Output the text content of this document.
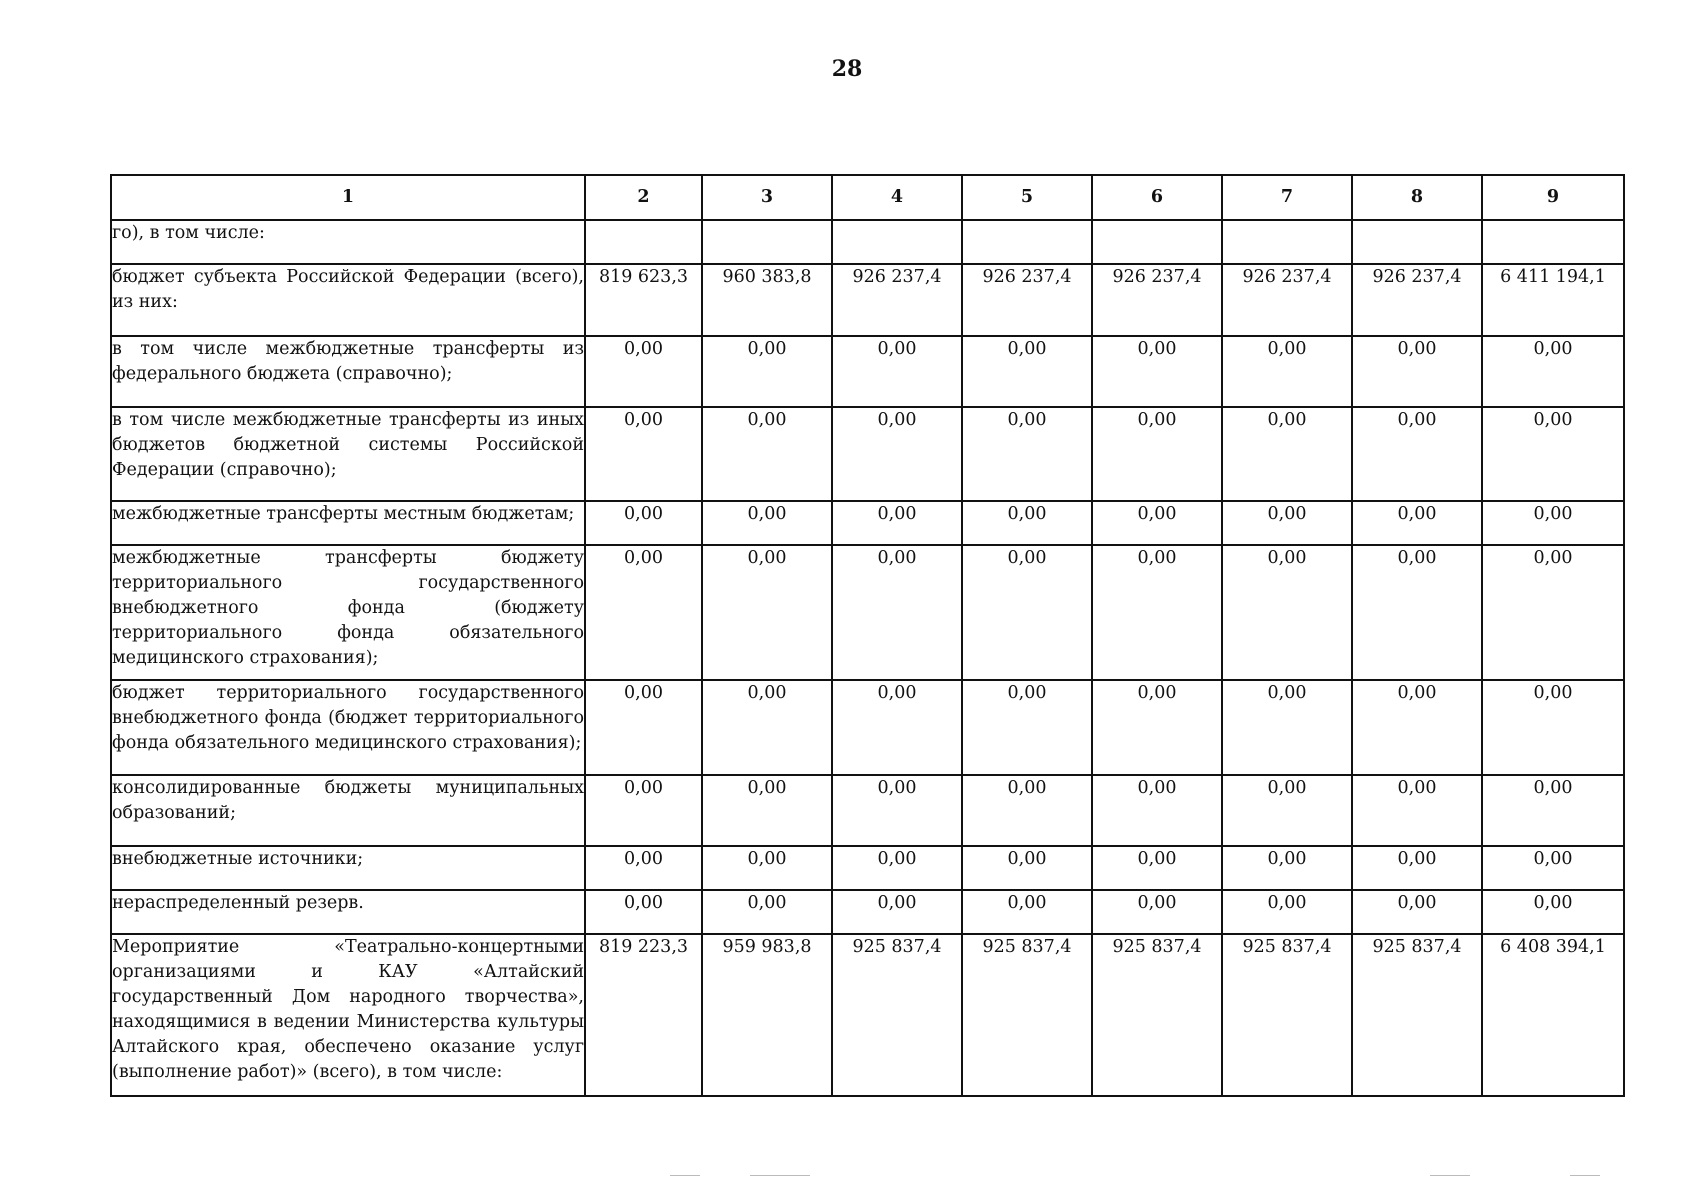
28
1	2	3	4	5	6	7	8	9
го), в том числе:								
бюджет субъекта Российской Федерации (всего), из них:	819 623,3	960 383,8	926 237,4	926 237,4	926 237,4	926 237,4	926 237,4	6 411 194,1
в том числе межбюджетные трансферты из федерального бюджета (справочно);	0,00	0,00	0,00	0,00	0,00	0,00	0,00	0,00
в том числе межбюджетные трансферты из иных бюджетов бюджетной системы Российской Федерации (справочно);	0,00	0,00	0,00	0,00	0,00	0,00	0,00	0,00
межбюджетные трансферты местным бюджетам;	0,00	0,00	0,00	0,00	0,00	0,00	0,00	0,00
межбюджетные трансферты бюджету территориального государственного внебюджетного фонда (бюджету территориального фонда обязательного медицинского страхования);	0,00	0,00	0,00	0,00	0,00	0,00	0,00	0,00
бюджет территориального государственного внебюджетного фонда (бюджет территориального фонда обязательного медицинского страхования);	0,00	0,00	0,00	0,00	0,00	0,00	0,00	0,00
консолидированные бюджеты муниципальных образований;	0,00	0,00	0,00	0,00	0,00	0,00	0,00	0,00
внебюджетные источники;	0,00	0,00	0,00	0,00	0,00	0,00	0,00	0,00
нераспределенный резерв.	0,00	0,00	0,00	0,00	0,00	0,00	0,00	0,00
Мероприятие «Театрально-концертными организациями и КАУ «Алтайский государственный Дом народного творчества», находящимися в ведении Министерства культуры Алтайского края, обеспечено оказание услуг (выполнение работ)» (всего), в том числе:	819 223,3	959 983,8	925 837,4	925 837,4	925 837,4	925 837,4	925 837,4	6 408 394,1
